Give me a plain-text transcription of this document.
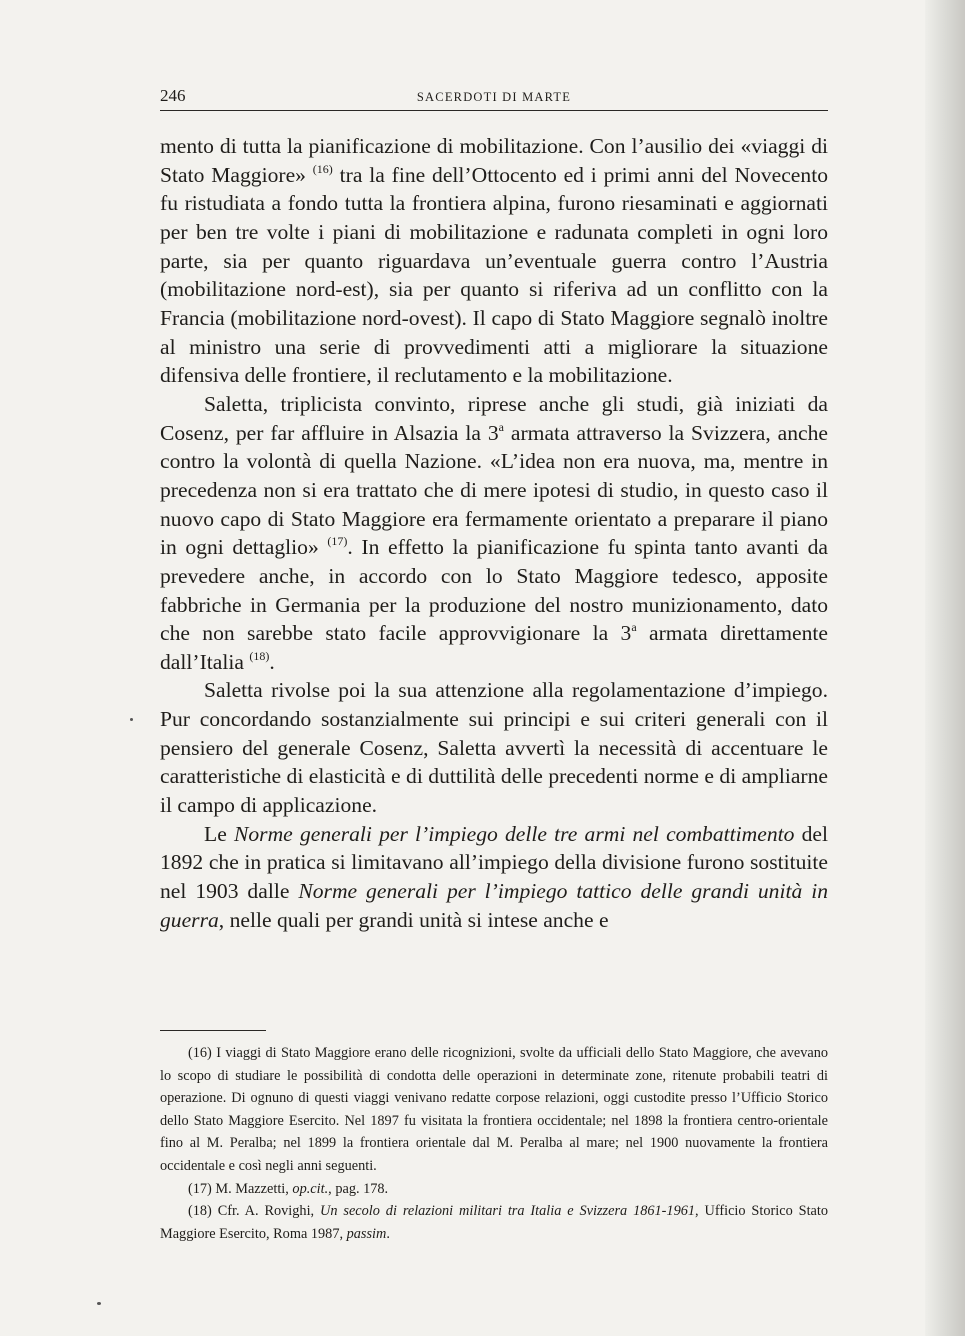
246	SACERDOTI DI MARTE

mento di tutta la pianificazione di mobilitazione. Con l’ausilio dei «viaggi di Stato Maggiore» $^{(16)}$ tra la fine dell’Ottocento ed i primi anni del Novecento fu ristudiata a fondo tutta la frontiera alpina, furono riesaminati e aggiornati per ben tre volte i piani di mobilitazione e radunata completi in ogni loro parte, sia per quanto riguardava un’eventuale guerra contro l’Austria (mobilitazione nord-est), sia per quanto si riferiva ad un conflitto con la Francia (mobilitazione nord-ovest). Il capo di Stato Maggiore segnalò inoltre al ministro una serie di provvedimenti atti a migliorare la situazione difensiva delle frontiere, il reclutamento e la mobilitazione.

Saletta, triplicista convinto, riprese anche gli studi, già iniziati da Cosenz, per far affluire in Alsazia la 3$^a$ armata attraverso la Svizzera, anche contro la volontà di quella Nazione. «L’idea non era nuova, ma, mentre in precedenza non si era trattato che di mere ipotesi di studio, in questo caso il nuovo capo di Stato Maggiore era fermamente orientato a preparare il piano in ogni dettaglio» $^{(17)}$. In effetto la pianificazione fu spinta tanto avanti da prevedere anche, in accordo con lo Stato Maggiore tedesco, apposite fabbriche in Germania per la produzione del nostro munizionamento, dato che non sarebbe stato facile approvvigionare la 3$^a$ armata direttamente dall’Italia $^{(18)}$.

Saletta rivolse poi la sua attenzione alla regolamentazione d’impiego. Pur concordando sostanzialmente sui principi e sui criteri generali con il pensiero del generale Cosenz, Saletta avvertì la necessità di accentuare le caratteristiche di elasticità e di duttilità delle precedenti norme e di ampliarne il campo di applicazione.

Le Norme generali per l’impiego delle tre armi nel combattimento del 1892 che in pratica si limitavano all’impiego della divisione furono sostituite nel 1903 dalle Norme generali per l’impiego tattico delle grandi unità in guerra, nelle quali per grandi unità si intese anche e

(16) I viaggi di Stato Maggiore erano delle ricognizioni, svolte da ufficiali dello Stato Maggiore, che avevano lo scopo di studiare le possibilità di condotta delle operazioni in determinate zone, ritenute probabili teatri di operazione. Di ognuno di questi viaggi venivano redatte corpose relazioni, oggi custodite presso l’Ufficio Storico dello Stato Maggiore Esercito. Nel 1897 fu visitata la frontiera occidentale; nel 1898 la frontiera centro-orientale fino al M. Peralba; nel 1899 la frontiera orientale dal M. Peralba al mare; nel 1900 nuovamente la frontiera occidentale e così negli anni seguenti.

(17) M. Mazzetti, op.cit., pag. 178.

(18) Cfr. A. Rovighi, Un secolo di relazioni militari tra Italia e Svizzera 1861-1961, Ufficio Storico Stato Maggiore Esercito, Roma 1987, passim.
